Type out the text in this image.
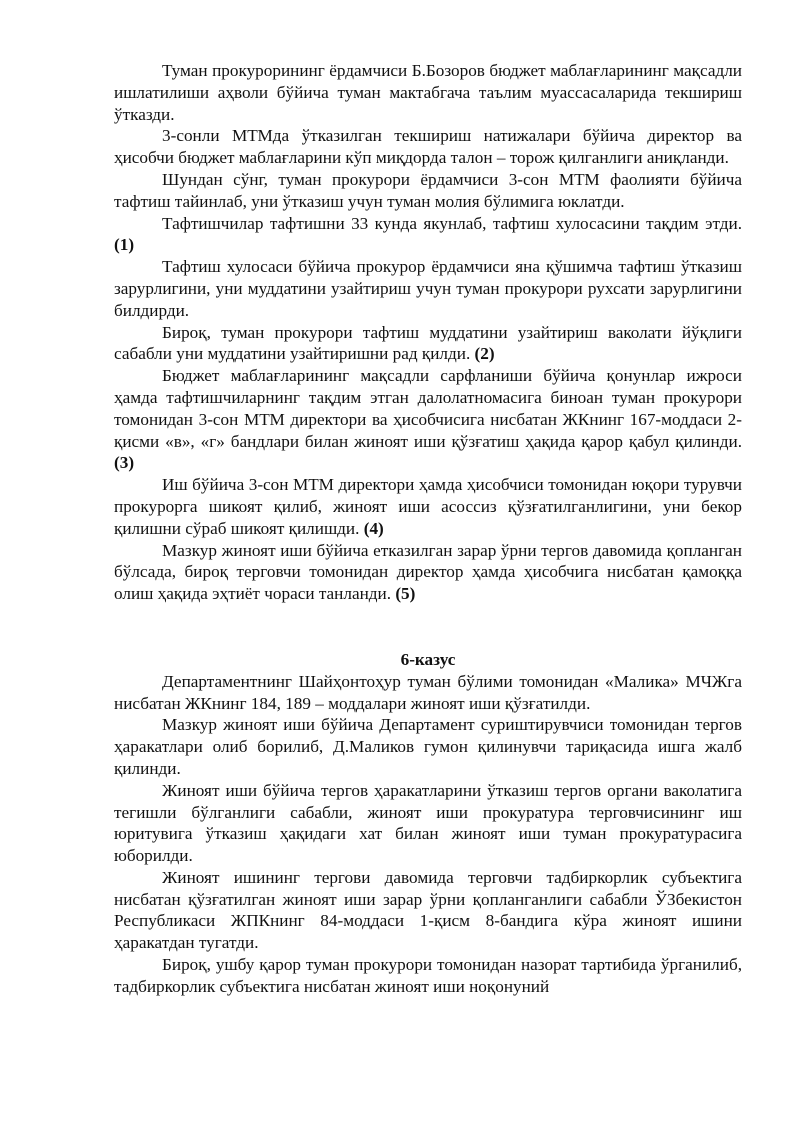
Туман прокурорининг ёрдамчиси Б.Бозоров бюджет маблағларининг мақсадли ишлатилиши аҳволи бўйича туман мактабгача таълим муассасаларида текшириш ўтказди.

3-сонли МТМда ўтказилган текшириш натижалари бўйича директор ва ҳисобчи бюджет маблағларини кўп миқдорда талон – торож қилганлиги аниқланди.

Шундан сўнг, туман прокурори ёрдамчиси 3-сон МТМ фаолияти бўйича тафтиш тайинлаб, уни ўтказиш учун туман молия бўлимига юклатди.

Тафтишчилар тафтишни 33 кунда якунлаб, тафтиш хулосасини тақдим этди. (1)

Тафтиш хулосаси бўйича прокурор ёрдамчиси яна қўшимча тафтиш ўтказиш зарурлигини, уни муддатини узайтириш учун туман прокурори рухсати зарурлигини билдирди.

Бироқ, туман прокурори тафтиш муддатини узайтириш ваколати йўқлиги сабабли уни муддатини узайтиришни рад қилди. (2)

Бюджет маблағларининг мақсадли сарфланиши бўйича қонунлар ижроси ҳамда тафтишчиларнинг тақдим этган далолатномасига биноан туман прокурори томонидан 3-сон МТМ директори ва ҳисобчисига нисбатан ЖКнинг 167-моддаси 2-қисми «в», «г» бандлари билан жиноят иши қўзғатиш ҳақида қарор қабул қилинди. (3)

Иш бўйича 3-сон МТМ директори ҳамда ҳисобчиси томонидан юқори турувчи прокурорга шикоят қилиб, жиноят иши асоссиз қўзғатилганлигини, уни бекор қилишни сўраб шикоят қилишди. (4)

Мазкур жиноят иши бўйича етказилган зарар ўрни тергов давомида қопланган бўлсада, бироқ терговчи томонидан директор ҳамда ҳисобчига нисбатан қамоққа олиш ҳақида эҳтиёт чораси танланди. (5)

6-казус

Департаментнинг Шайҳонтоҳур туман бўлими томонидан «Малика» МЧЖга нисбатан ЖКнинг 184, 189 – моддалари жиноят иши қўзғатилди.

Мазкур жиноят иши бўйича Департамент суриштирувчиси томонидан тергов ҳаракатлари олиб борилиб, Д.Маликов гумон қилинувчи тариқасида ишга жалб қилинди.

Жиноят иши бўйича тергов ҳаракатларини ўтказиш тергов органи ваколатига тегишли бўлганлиги сабабли, жиноят иши прокуратура терговчисининг иш юритувига ўтказиш ҳақидаги хат билан жиноят иши туман прокуратурасига юборилди.

Жиноят ишининг тергови давомида терговчи тадбиркорлик субъектига нисбатан қўзғатилган жиноят иши зарар ўрни қопланганлиги сабабли ЎЗбекистон Республикаси ЖПКнинг 84-моддаси 1-қисм 8-бандига кўра жиноят ишини ҳаракатдан тугатди.

Бироқ, ушбу қарор туман прокурори томонидан назорат тартибида ўрганилиб, тадбиркорлик субъектига нисбатан жиноят иши ноқонуний
